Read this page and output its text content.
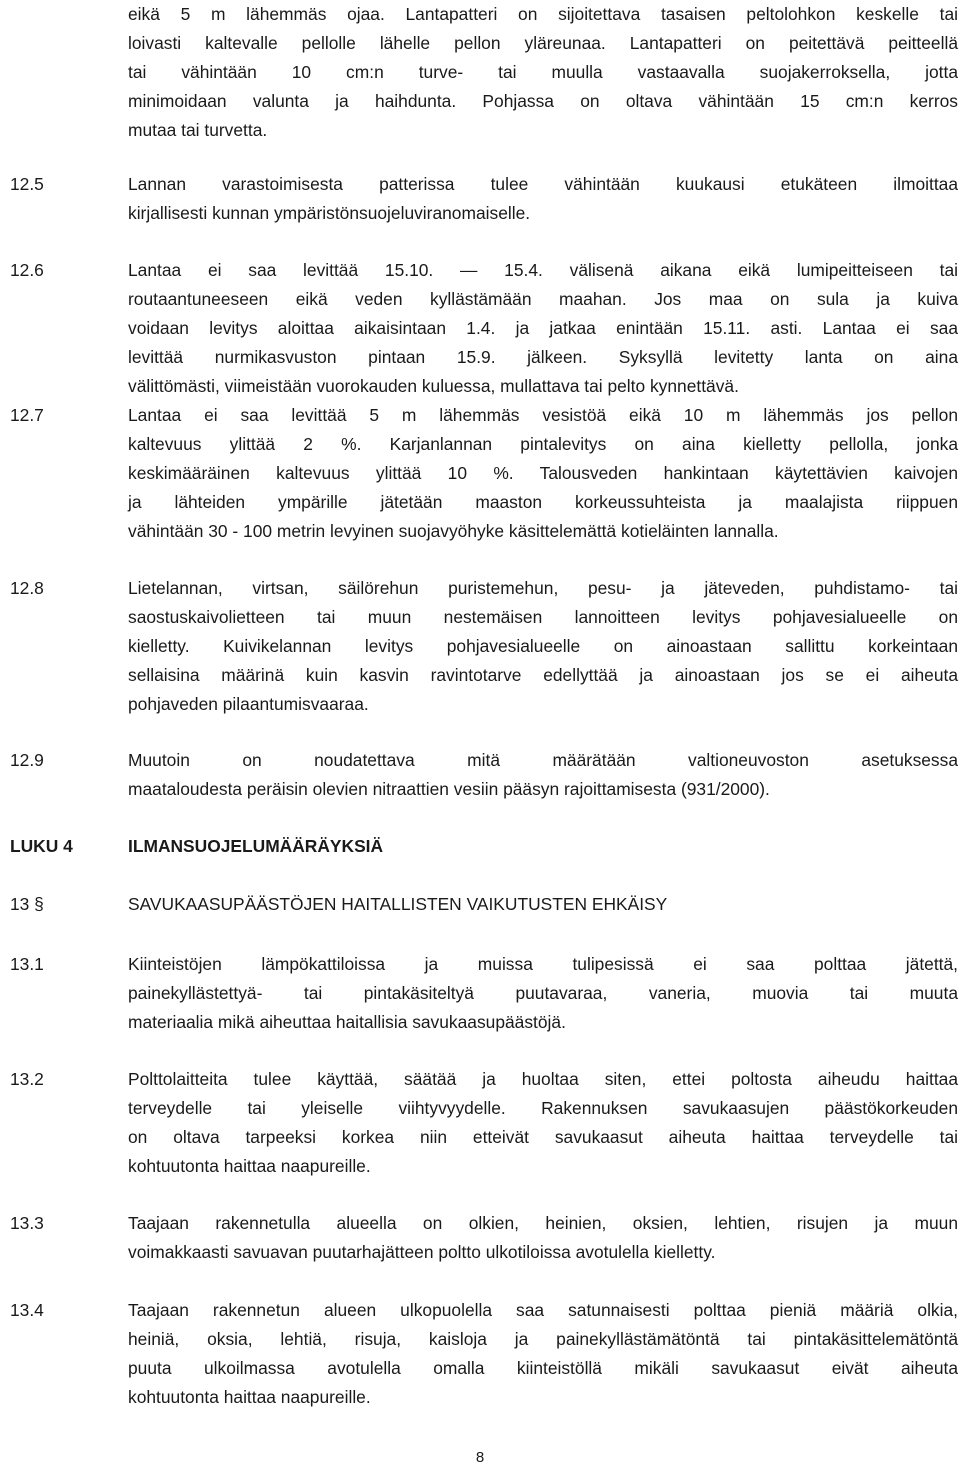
eikä 5 m lähemmäs ojaa. Lantapatteri on sijoitettava tasaisen peltolohkon keskelle tai
loivasti kaltevalle pellolle lähelle pellon yläreunaa. Lantapatteri on peitettävä peitteellä
tai vähintään 10 cm:n turve- tai muulla vastaavalla suojakerroksella, jotta
minimoidaan valunta ja haihdunta. Pohjassa on oltava vähintään 15 cm:n kerros
mutaa tai turvetta.
12.5	Lannan varastoimisesta patterissa tulee vähintään kuukausi etukäteen ilmoittaa
kirjallisesti kunnan ympäristönsuojeluviranomaiselle.
12.6	Lantaa ei saa levittää 15.10. — 15.4. välisenä aikana eikä lumipeitteiseen tai
routaantuneeseen eikä veden kyllästämään maahan. Jos maa on sula ja kuiva
voidaan levitys aloittaa aikaisintaan 1.4. ja jatkaa enintään 15.11. asti. Lantaa ei saa
levittää nurmikasvuston pintaan 15.9. jälkeen. Syksyllä levitetty lanta on aina
välittömästi, viimeistään vuorokauden kuluessa, mullattava tai pelto kynnettävä.
12.7	Lantaa ei saa levittää 5 m lähemmäs vesistöä eikä 10 m lähemmäs jos pellon
kaltevuus ylittää 2 %. Karjanlannan pintalevitys on aina kielletty pellolla, jonka
keskimääräinen kaltevuus ylittää 10 %. Talousveden hankintaan käytettävien kaivojen
ja lähteiden ympärille jätetään maaston korkeussuhteista ja maalajista riippuen
vähintään 30 - 100 metrin levyinen suojavyöhyke käsittelemättä kotieläinten lannalla.
12.8	Lietelannan, virtsan, säilörehun puristemehun, pesu- ja jäteveden, puhdistamo- tai
saostuskaivolietteen tai muun nestemäisen lannoitteen levitys pohjavesialueelle on
kielletty. Kuivikelannan levitys pohjavesialueelle on ainoastaan sallittu korkeintaan
sellaisina määrinä kuin kasvin ravintotarve edellyttää ja ainoastaan jos se ei aiheuta
pohjaveden pilaantumisvaaraa.
12.9	Muutoin on noudatettava mitä määrätään valtioneuvoston asetuksessa
maataloudesta peräisin olevien nitraattien vesiin pääsyn rajoittamisesta (931/2000).
LUKU 4	ILMANSUOJELUMÄÄRÄYKSIÄ
13 §	SAVUKAASUPÄÄSTÖJEN HAITALLISTEN VAIKUTUSTEN EHKÄISY
13.1	Kiinteistöjen lämpökattiloissa ja muissa tulipesissä ei saa polttaa jätettä,
painekyllästettyä- tai pintakäsiteltyä puutavaraa, vaneria, muovia tai muuta
materiaalia mikä aiheuttaa haitallisia savukaasupäästöjä.
13.2	Polttolaitteita tulee käyttää, säätää ja huoltaa siten, ettei poltosta aiheudu haittaa
terveydelle tai yleiselle viihtyvyydelle. Rakennuksen savukaasujen päästökorkeuden
on oltava tarpeeksi korkea niin etteivät savukaasut aiheuta haittaa terveydelle tai
kohtuutonta haittaa naapureille.
13.3	Taajaan rakennetulla alueella on olkien, heinien, oksien, lehtien, risujen ja muun
voimakkaasti savuavan puutarhajätteen poltto ulkotiloissa avotulella kielletty.
13.4	Taajaan rakennetun alueen ulkopuolella saa satunnaisesti polttaa pieniä määriä olkia,
heiniä, oksia, lehtiä, risuja, kaisloja ja painekyllästämätöntä tai pintakäsittelemätöntä
puuta ulkoilmassa avotulella omalla kiinteistöllä mikäli savukaasut eivät aiheuta
kohtuutonta haittaa naapureille.
8
